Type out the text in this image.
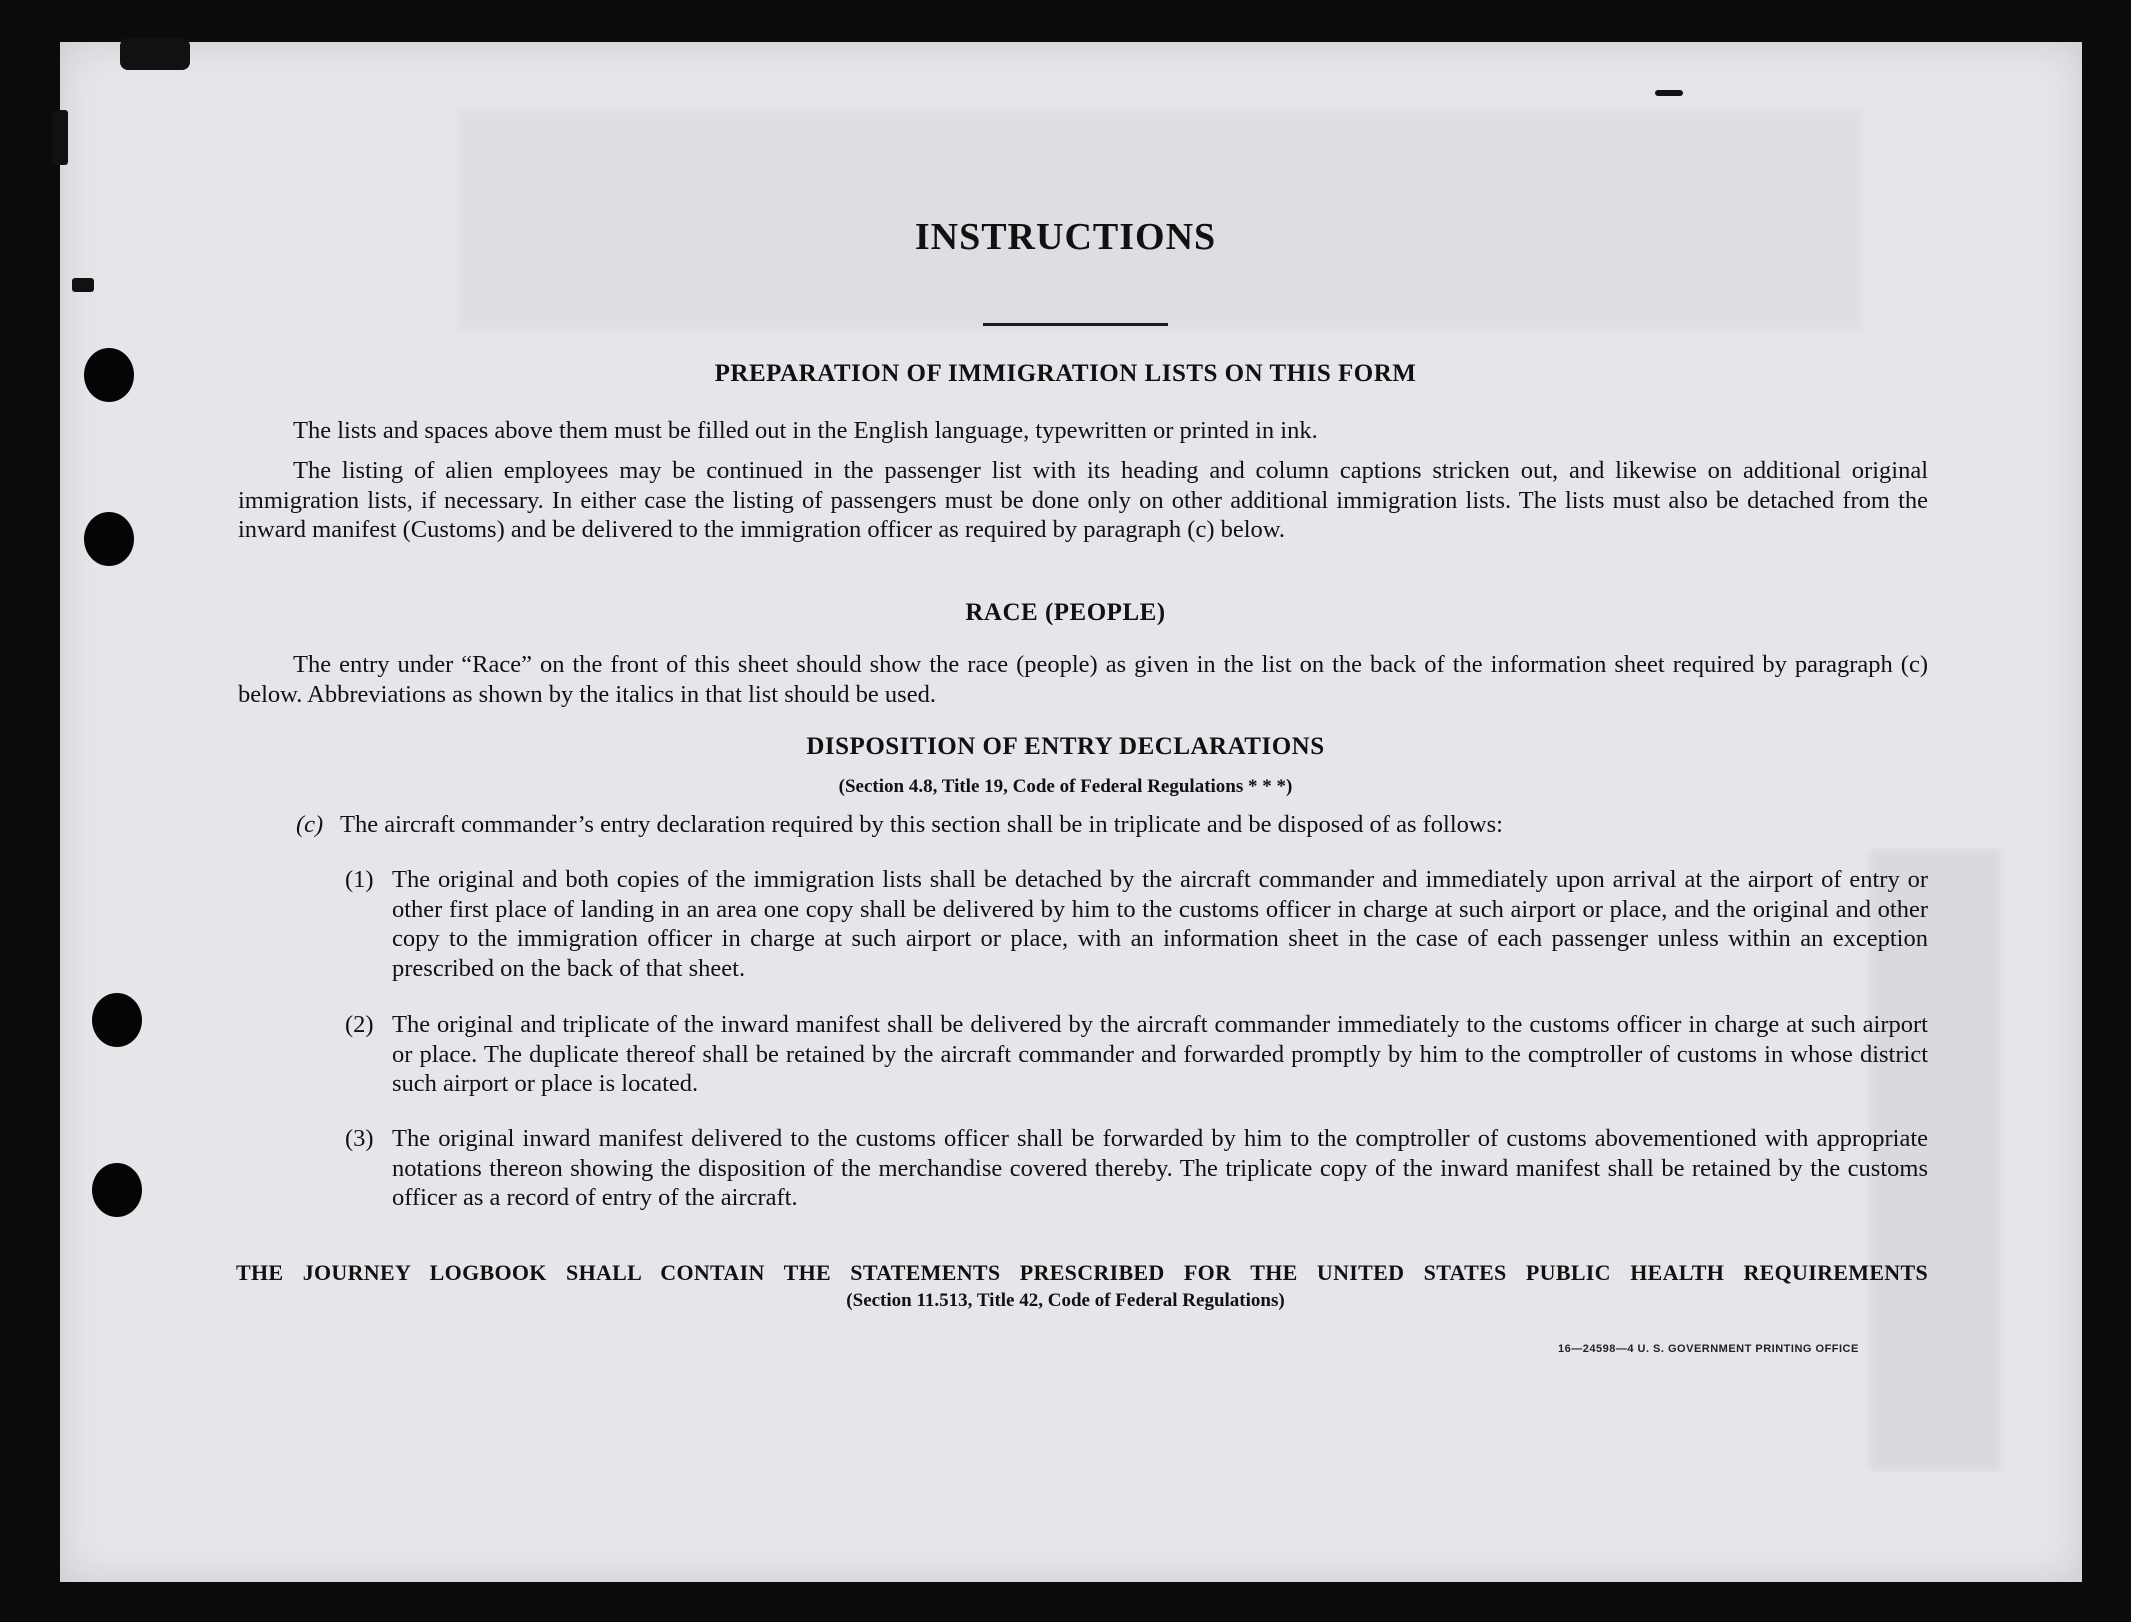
INSTRUCTIONS
PREPARATION OF IMMIGRATION LISTS ON THIS FORM
The lists and spaces above them must be filled out in the English language, typewritten or printed in ink.
The listing of alien employees may be continued in the passenger list with its heading and column captions stricken out, and likewise on additional original immigration lists, if necessary. In either case the listing of passengers must be done only on other additional immigration lists. The lists must also be detached from the inward manifest (Customs) and be delivered to the immigration officer as required by paragraph (c) below.
RACE (PEOPLE)
The entry under “Race” on the front of this sheet should show the race (people) as given in the list on the back of the information sheet required by paragraph (c) below. Abbreviations as shown by the italics in that list should be used.
DISPOSITION OF ENTRY DECLARATIONS
(Section 4.8, Title 19, Code of Federal Regulations * * *)
(c) The aircraft commander’s entry declaration required by this section shall be in triplicate and be disposed of as follows:
(1) The original and both copies of the immigration lists shall be detached by the aircraft commander and immediately upon arrival at the airport of entry or other first place of landing in an area one copy shall be delivered by him to the customs officer in charge at such airport or place, and the original and other copy to the immigration officer in charge at such airport or place, with an information sheet in the case of each passenger unless within an exception prescribed on the back of that sheet.
(2) The original and triplicate of the inward manifest shall be delivered by the aircraft commander immediately to the customs officer in charge at such airport or place. The duplicate thereof shall be retained by the aircraft commander and forwarded promptly by him to the comptroller of customs in whose district such airport or place is located.
(3) The original inward manifest delivered to the customs officer shall be forwarded by him to the comptroller of customs abovementioned with appropriate notations thereon showing the disposition of the merchandise covered thereby. The triplicate copy of the inward manifest shall be retained by the customs officer as a record of entry of the aircraft.
THE JOURNEY LOGBOOK SHALL CONTAIN THE STATEMENTS PRESCRIBED FOR THE UNITED STATES PUBLIC HEALTH REQUIREMENTS
(Section 11.513, Title 42, Code of Federal Regulations)
16—24598—4 U. S. GOVERNMENT PRINTING OFFICE
